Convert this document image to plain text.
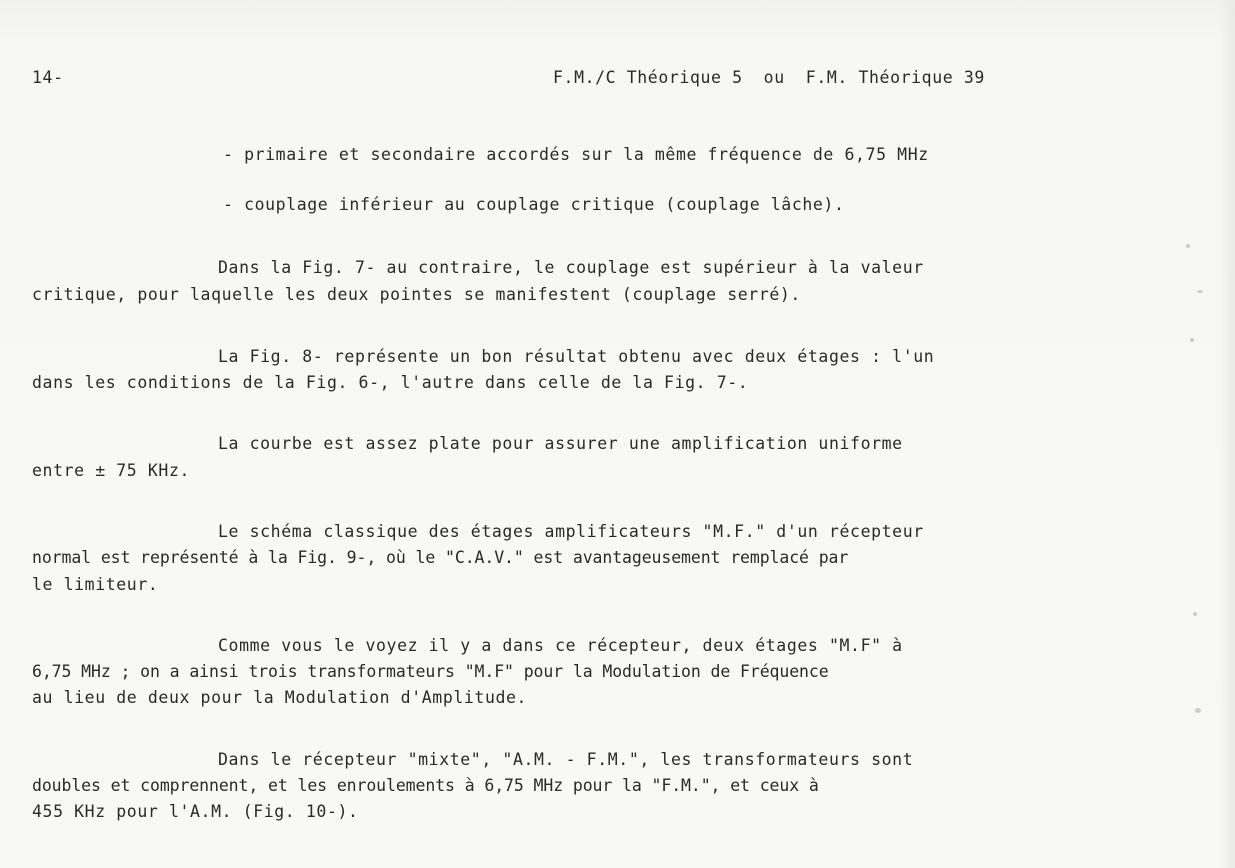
14-	F.M./C Théorique 5  ou  F.M. Théorique 39
- primaire et secondaire accordés sur la même fréquence de 6,75 MHz
- couplage inférieur au couplage critique (couplage lâche).
Dans la Fig. 7- au contraire, le couplage est supérieur à la valeur
critique, pour laquelle les deux pointes se manifestent (couplage serré).
La Fig. 8- représente un bon résultat obtenu avec deux étages : l'un
dans les conditions de la Fig. 6-, l'autre dans celle de la Fig. 7-.
La courbe est assez plate pour assurer une amplification uniforme
entre ± 75 KHz.
Le schéma classique des étages amplificateurs "M.F." d'un récepteur
normal est représenté à la Fig. 9-, où le "C.A.V." est avantageusement remplacé par
le limiteur.
Comme vous le voyez il y a dans ce récepteur, deux étages "M.F" à
6,75 MHz ; on a ainsi trois transformateurs "M.F" pour la Modulation de Fréquence
au lieu de deux pour la Modulation d'Amplitude.
Dans le récepteur "mixte", "A.M. - F.M.", les transformateurs sont
doubles et comprennent, et les enroulements à 6,75 MHz pour la "F.M.", et ceux à
455 KHz pour l'A.M. (Fig. 10-).
